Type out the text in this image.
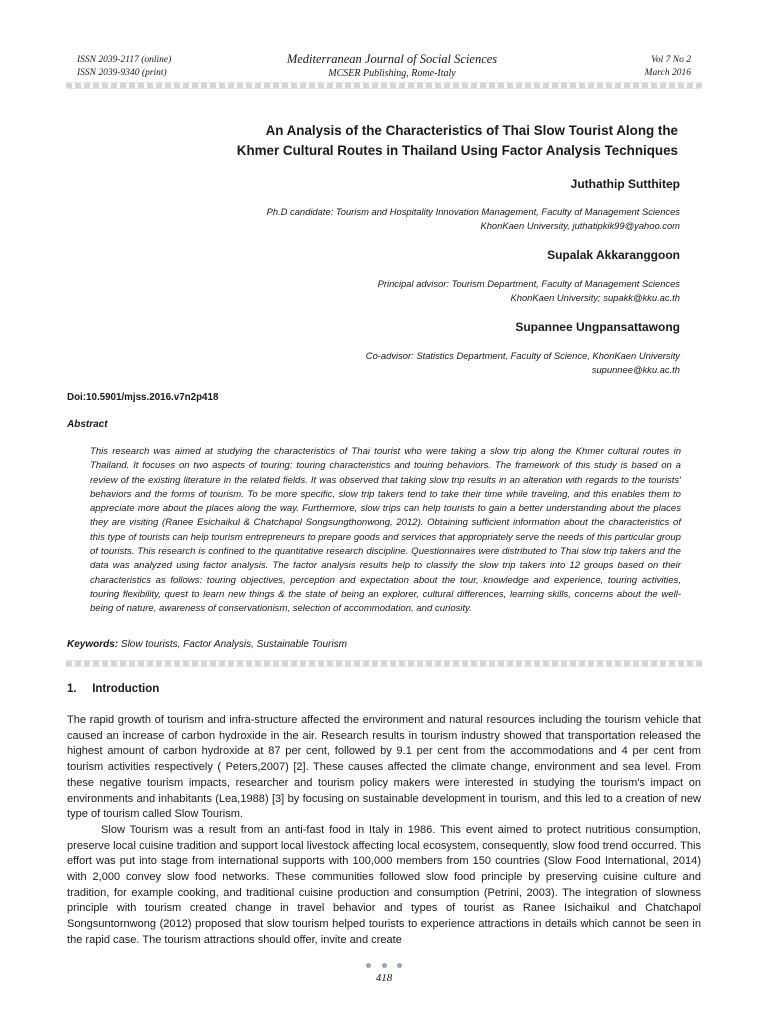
ISSN 2039-2117 (online)
ISSN 2039-9340 (print)
Mediterranean Journal of Social Sciences
MCSER Publishing, Rome-Italy
Vol 7 No 2
March 2016
An Analysis of the Characteristics of Thai Slow Tourist Along the
Khmer Cultural Routes in Thailand Using Factor Analysis Techniques
Juthathip Sutthitep
Ph.D candidate: Tourism and Hospitality Innovation Management, Faculty of Management Sciences
KhonKaen University, juthatipkik99@yahoo.com
Supalak Akkaranggoon
Principal advisor: Tourism Department, Faculty of Management Sciences
KhonKaen University; supakk@kku.ac.th
Supannee Ungpansattawong
Co-advisor: Statistics Department, Faculty of Science, KhonKaen University
supunnee@kku.ac.th
Doi:10.5901/mjss.2016.v7n2p418
Abstract
This research was aimed at studying the characteristics of Thai tourist who were taking a slow trip along the Khmer cultural routes in Thailand. It focuses on two aspects of touring: touring characteristics and touring behaviors. The framework of this study is based on a review of the existing literature in the related fields. It was observed that taking slow trip results in an alteration with regards to the tourists' behaviors and the forms of tourism. To be more specific, slow trip takers tend to take their time while traveling, and this enables them to appreciate more about the places along the way. Furthermore, slow trips can help tourists to gain a better understanding about the places they are visiting (Ranee Esichaikul & Chatchapol Songsungthonwong, 2012). Obtaining sufficient information about the characteristics of this type of tourists can help tourism entrepreneurs to prepare goods and services that appropriately serve the needs of this particular group of tourists. This research is confined to the quantitative research discipline. Questionnaires were distributed to Thai slow trip takers and the data was analyzed using factor analysis. The factor analysis results help to classify the slow trip takers into 12 groups based on their characteristics as follows: touring objectives, perception and expectation about the tour, knowledge and experience, touring activities, touring flexibility, quest to learn new things & the state of being an explorer, cultural differences, learning skills, concerns about the well-being of nature, awareness of conservationism, selection of accommodation, and curiosity.
Keywords: Slow tourists, Factor Analysis, Sustainable Tourism
1. Introduction

The rapid growth of tourism and infra-structure affected the environment and natural resources including the tourism vehicle that caused an increase of carbon hydroxide in the air. Research results in tourism industry showed that transportation released the highest amount of carbon hydroxide at 87 per cent, followed by 9.1 per cent from the accommodations and 4 per cent from tourism activities respectively ( Peters,2007) [2]. These causes affected the climate change, environment and sea level. From these negative tourism impacts, researcher and tourism policy makers were interested in studying the tourism's impact on environments and inhabitants (Lea,1988) [3] by focusing on sustainable development in tourism, and this led to a creation of new type of tourism called Slow Tourism.

Slow Tourism was a result from an anti-fast food in Italy in 1986. This event aimed to protect nutritious consumption, preserve local cuisine tradition and support local livestock affecting local ecosystem, consequently, slow food trend occurred. This effort was put into stage from international supports with 100,000 members from 150 countries (Slow Food International, 2014) with 2,000 convey slow food networks. These communities followed slow food principle by preserving cuisine culture and tradition, for example cooking, and traditional cuisine production and consumption (Petrini, 2003). The integration of slowness principle with tourism created change in travel behavior and types of tourist as Ranee Isichaikul and Chatchapol Songsuntornwong (2012) proposed that slow tourism helped tourists to experience attractions in details which cannot be seen in the rapid case. The tourism attractions should offer, invite and create

418
